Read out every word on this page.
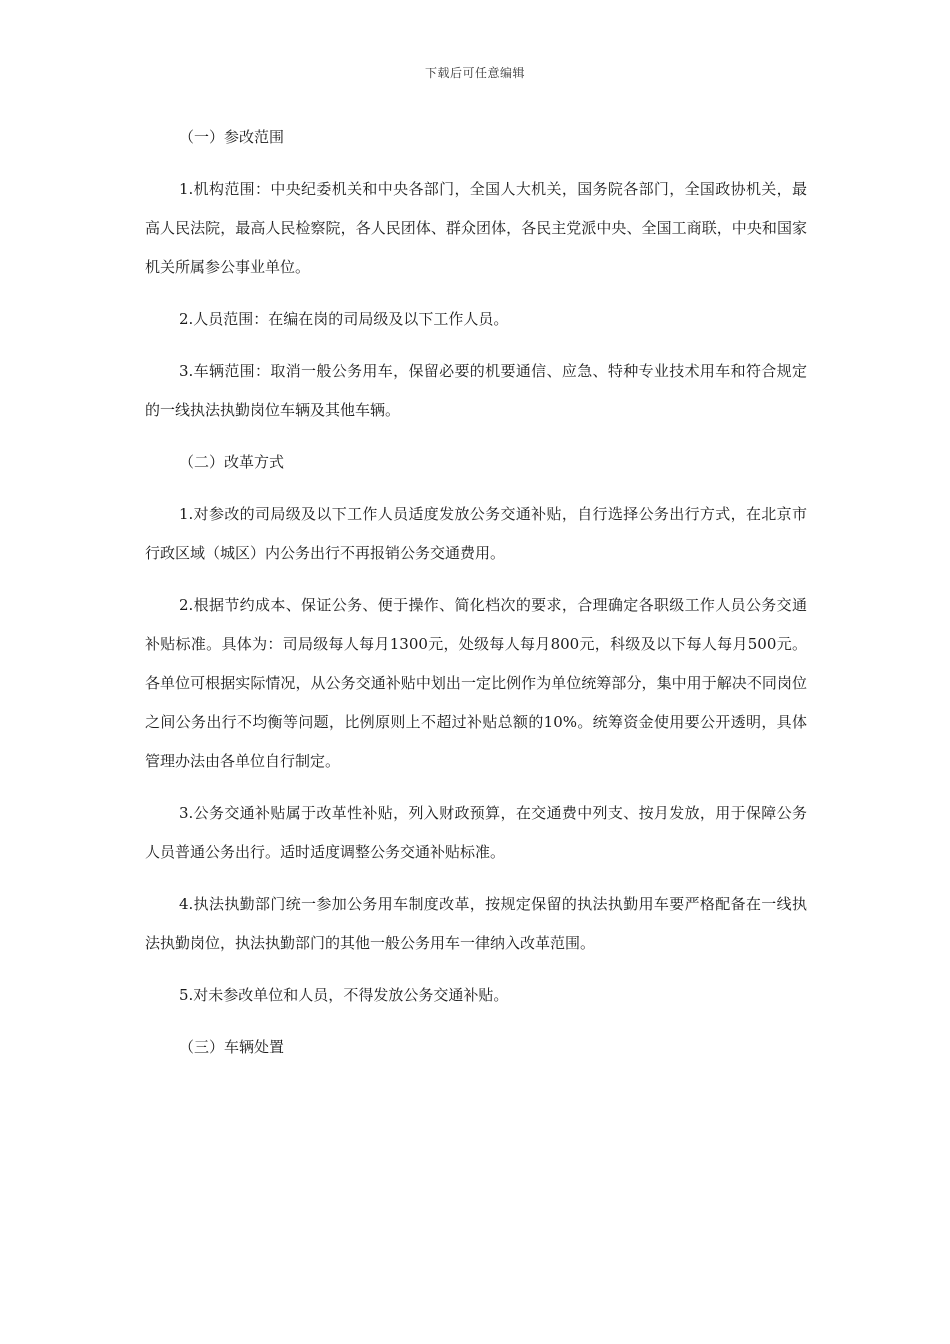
下载后可任意编辑

（一）参改范围

1.机构范围：中央纪委机关和中央各部门，全国人大机关，国务院各部门，全国政协机关，最高人民法院，最高人民检察院，各人民团体、群众团体，各民主党派中央、全国工商联，中央和国家机关所属参公事业单位。

2.人员范围：在编在岗的司局级及以下工作人员。

3.车辆范围：取消一般公务用车，保留必要的机要通信、应急、特种专业技术用车和符合规定的一线执法执勤岗位车辆及其他车辆。

（二）改革方式

1.对参改的司局级及以下工作人员适度发放公务交通补贴，自行选择公务出行方式，在北京市行政区域（城区）内公务出行不再报销公务交通费用。

2.根据节约成本、保证公务、便于操作、简化档次的要求，合理确定各职级工作人员公务交通补贴标准。具体为：司局级每人每月1300元，处级每人每月800元，科级及以下每人每月500元。各单位可根据实际情况，从公务交通补贴中划出一定比例作为单位统筹部分，集中用于解决不同岗位之间公务出行不均衡等问题，比例原则上不超过补贴总额的10%。统筹资金使用要公开透明，具体管理办法由各单位自行制定。

3.公务交通补贴属于改革性补贴，列入财政预算，在交通费中列支、按月发放，用于保障公务人员普通公务出行。适时适度调整公务交通补贴标准。

4.执法执勤部门统一参加公务用车制度改革，按规定保留的执法执勤用车要严格配备在一线执法执勤岗位，执法执勤部门的其他一般公务用车一律纳入改革范围。

5.对未参改单位和人员，不得发放公务交通补贴。

（三）车辆处置
